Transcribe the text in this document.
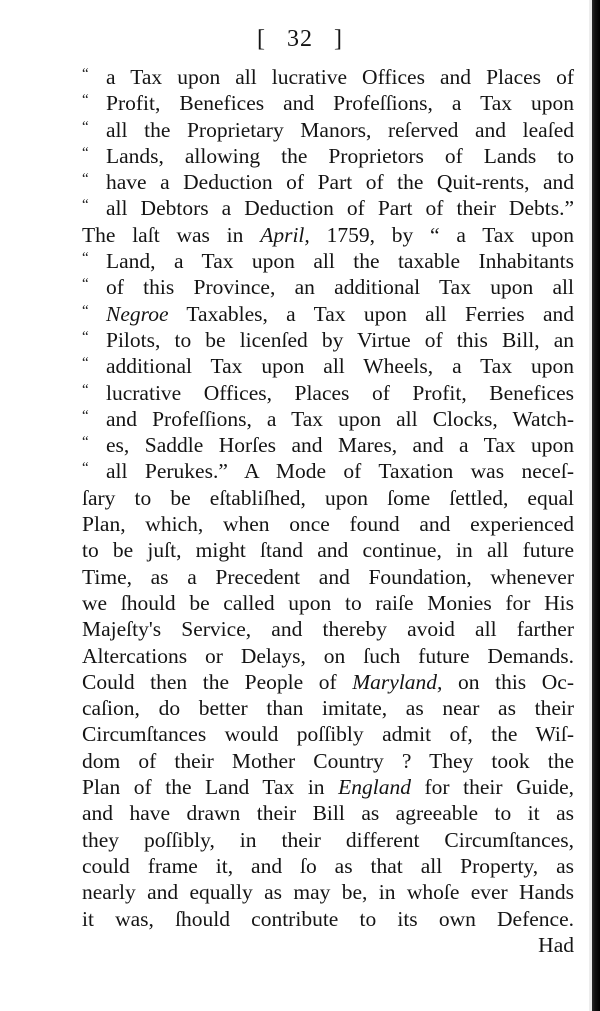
[ 32 ]
“ a Tax upon all lucrative Offices and Places of
“ Profit, Benefices and Profeſſions, a Tax upon
“ all the Proprietary Manors, reſerved and leaſed
“ Lands, allowing the Proprietors of Lands to
“ have a Deduction of Part of the Quit-rents, and
“ all Debtors a Deduction of Part of their Debts.”
The laſt was in April, 1759, by “ a Tax upon
“ Land, a Tax upon all the taxable Inhabitants
“ of this Province, an additional Tax upon all
“ Negroe Taxables, a Tax upon all Ferries and
“ Pilots, to be licenſed by Virtue of this Bill, an
“ additional Tax upon all Wheels, a Tax upon
“ lucrative Offices, Places of Profit, Benefices
“ and Profeſſions, a Tax upon all Clocks, Watch-
“ es, Saddle Horſes and Mares, and a Tax upon
“ all Perukes.” A Mode of Taxation was neceſ-
ſary to be eſtabliſhed, upon ſome ſettled, equal
Plan, which, when once found and experienced
to be juſt, might ſtand and continue, in all future
Time, as a Precedent and Foundation, whenever
we ſhould be called upon to raiſe Monies for His
Majeſty's Service, and thereby avoid all farther
Altercations or Delays, on ſuch future Demands.
Could then the People of Maryland, on this Oc-
caſion, do better than imitate, as near as their
Circumſtances would poſſibly admit of, the Wiſ-
dom of their Mother Country ? They took the
Plan of the Land Tax in England for their Guide,
and have drawn their Bill as agreeable to it as
they poſſibly, in their different Circumſtances,
could frame it, and ſo as that all Property, as
nearly and equally as may be, in whoſe ever Hands
it was, ſhould contribute to its own Defence.
Had
